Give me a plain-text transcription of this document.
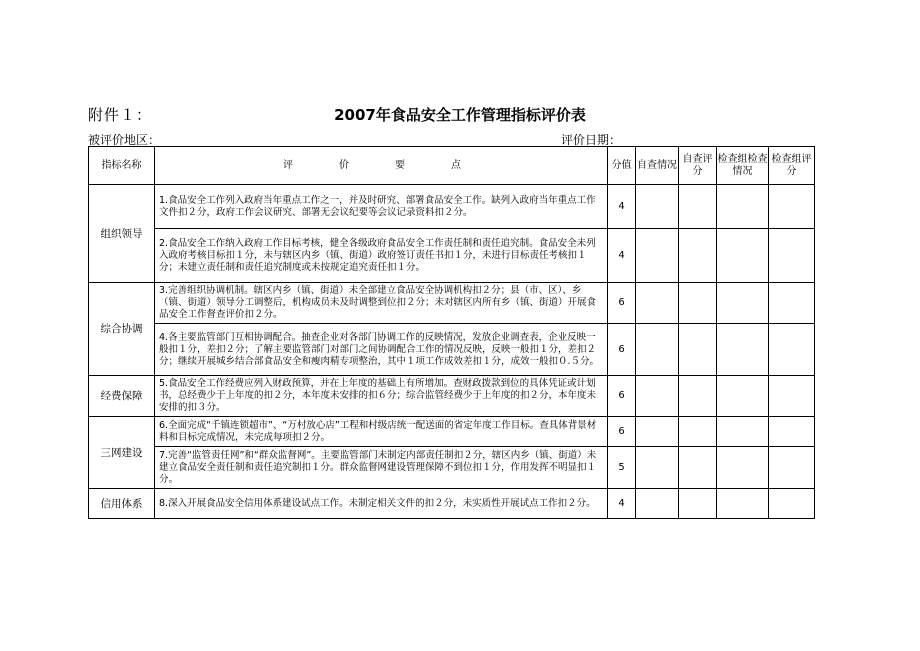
附件１：	2007年食品安全工作管理指标评价表
被评价地区：	评价日期：
指标名称	评　价　要　点	分值	自查情况	自查评分	检查组检查情况	检查组评分
组织领导	1.食品安全工作列入政府当年重点工作之一，并及时研究、部署食品安全工作。缺列入政府当年重点工作文件扣２分，政府工作会议研究、部署无会议纪要等会议记录资料扣２分。	4				
	2.食品安全工作纳入政府工作目标考核，健全各级政府食品安全工作责任制和责任追究制。食品安全未列入政府考核目标扣１分，未与辖区内乡（镇、街道）政府签订责任书扣１分，未进行目标责任考核扣１分；未建立责任制和责任追究制度或未按规定追究责任扣１分。	4				
综合协调	3.完善组织协调机制。辖区内乡（镇、街道）未全部建立食品安全协调机构扣２分；县（市、区）、乡（镇、街道）领导分工调整后，机构成员未及时调整到位扣２分；未对辖区内所有乡（镇、街道）开展食品安全工作督查评价扣２分。	6				
	4.各主要监管部门互相协调配合。抽查企业对各部门协调工作的反映情况，发放企业调查表，企业反映一般扣１分，差扣２分；了解主要监管部门对部门之间协调配合工作的情况反映，反映一般扣１分，差扣２分；继续开展城乡结合部食品安全和瘦肉精专项整治，其中１项工作成效差扣１分，成效一般扣０.５分。	6				
经费保障	5.食品安全工作经费应列入财政预算，并在上年度的基础上有所增加。查财政拨款到位的具体凭证或计划书，总经费少于上年度的扣２分，本年度未安排的扣６分；综合监管经费少于上年度的扣２分，本年度未安排的扣３分。	6				
三网建设	6.全面完成“千镇连锁超市”、“万村放心店”工程和村级店统一配送面的省定年度工作目标。查具体背景材料和目标完成情况，未完成每项扣２分。	6				
	7.完善“监管责任网”和“群众监督网”。主要监管部门未制定内部责任制扣２分，辖区内乡（镇、街道）未建立食品安全责任制和责任追究制扣１分。群众监督网建设管理保障不到位扣１分，作用发挥不明显扣１分。	5				
信用体系	8.深入开展食品安全信用体系建设试点工作。未制定相关文件的扣２分，未实质性开展试点工作扣２分。	4				
